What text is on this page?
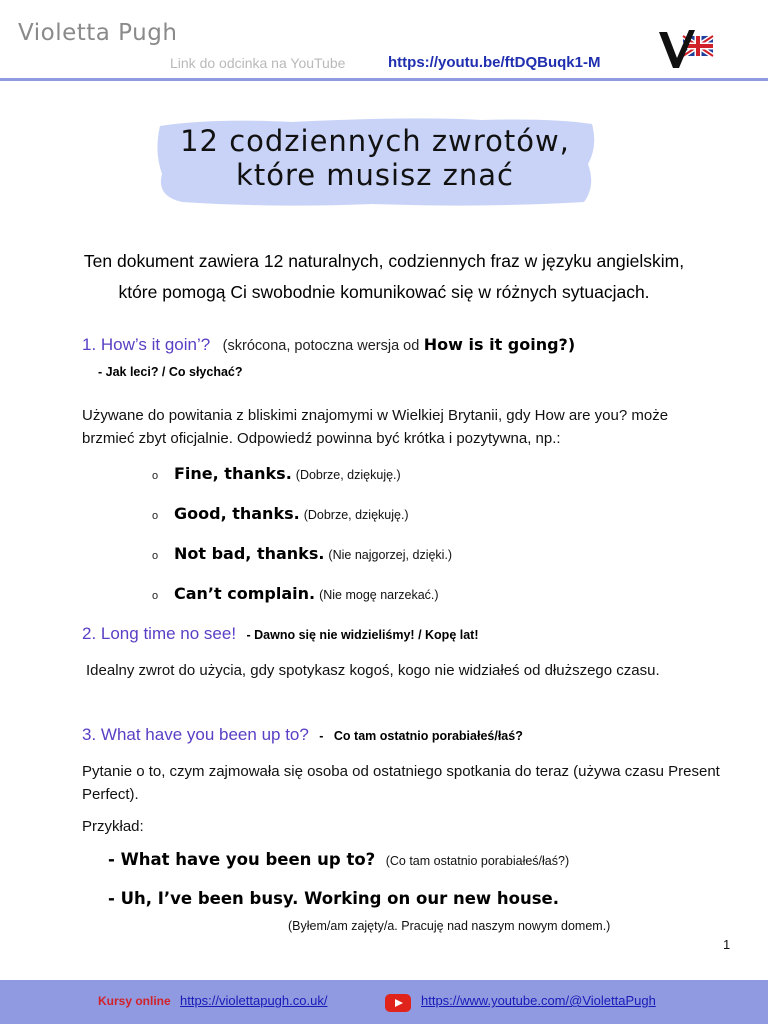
Violetta Pugh
Link do odcinka na YouTube	https://youtu.be/ftDQBuqk1-M
12 codziennych zwrotów,
które musisz znać
Ten dokument zawiera 12 naturalnych, codziennych fraz w języku angielskim,
które pomogą Ci swobodnie komunikować się w różnych sytuacjach.
1. How’s it goin’? (skrócona, potoczna wersja od How is it going?)
- Jak leci? / Co słychać?
Używane do powitania z bliskimi znajomymi w Wielkiej Brytanii, gdy How are you? może
brzmieć zbyt oficjalnie. Odpowiedź powinna być krótka i pozytywna, np.:
o Fine, thanks. (Dobrze, dziękuję.)
o Good, thanks. (Dobrze, dziękuję.)
o Not bad, thanks. (Nie najgorzej, dzięki.)
o Can’t complain. (Nie mogę narzekać.)
2. Long time no see! - Dawno się nie widzieliśmy! / Kopę lat!
Idealny zwrot do użycia, gdy spotykasz kogoś, kogo nie widziałeś od dłuższego czasu.
3. What have you been up to? - Co tam ostatnio porabiałeś/łaś?
Pytanie o to, czym zajmowała się osoba od ostatniego spotkania do teraz (używa czasu Present
Perfect).
Przykład:
- What have you been up to? (Co tam ostatnio porabiałeś/łaś?)
- Uh, I’ve been busy. Working on our new house.
(Byłem/am zajęty/a. Pracuję nad naszym nowym domem.)
1
Kursy online https://violettapugh.co.uk/	https://www.youtube.com/@ViolettaPugh
